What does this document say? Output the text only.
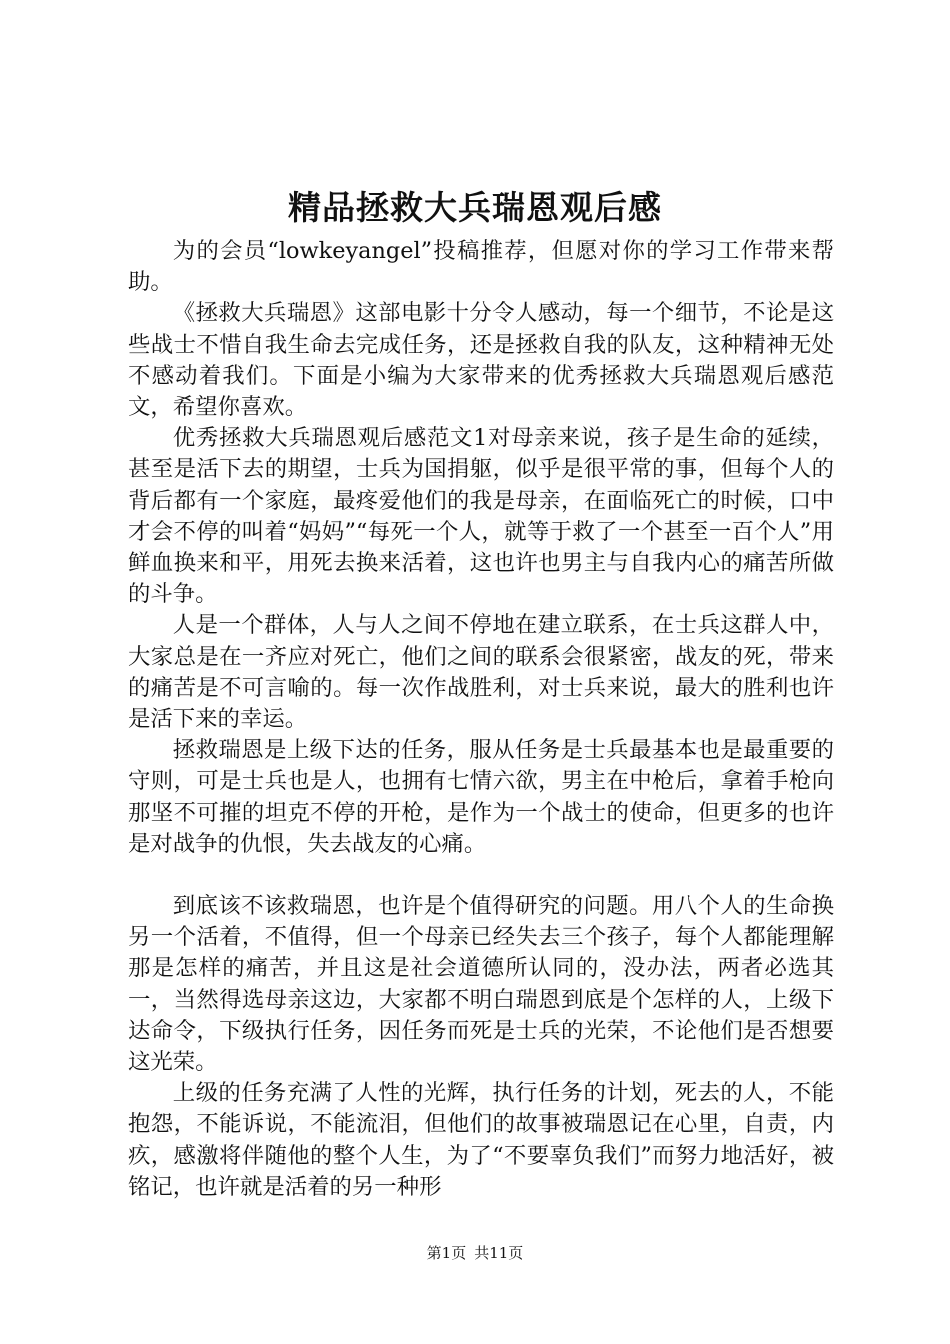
精品拯救大兵瑞恩观后感

为的会员“lowkeyangel”投稿推荐，但愿对你的学习工作带来帮助。

《拯救大兵瑞恩》这部电影十分令人感动，每一个细节，不论是这些战士不惜自我生命去完成任务，还是拯救自我的队友，这种精神无处不感动着我们。下面是小编为大家带来的优秀拯救大兵瑞恩观后感范文，希望你喜欢。

优秀拯救大兵瑞恩观后感范文1对母亲来说，孩子是生命的延续，甚至是活下去的期望，士兵为国捐躯，似乎是很平常的事，但每个人的背后都有一个家庭，最疼爱他们的我是母亲，在面临死亡的时候，口中才会不停的叫着“妈妈”“每死一个人，就等于救了一个甚至一百个人”用鲜血换来和平，用死去换来活着，这也许也男主与自我内心的痛苦所做的斗争。

人是一个群体，人与人之间不停地在建立联系，在士兵这群人中，大家总是在一齐应对死亡，他们之间的联系会很紧密，战友的死，带来的痛苦是不可言喻的。每一次作战胜利，对士兵来说，最大的胜利也许是活下来的幸运。

拯救瑞恩是上级下达的任务，服从任务是士兵最基本也是最重要的守则，可是士兵也是人，也拥有七情六欲，男主在中枪后，拿着手枪向那坚不可摧的坦克不停的开枪，是作为一个战士的使命，但更多的也许是对战争的仇恨，失去战友的心痛。

到底该不该救瑞恩，也许是个值得研究的问题。用八个人的生命换另一个活着，不值得，但一个母亲已经失去三个孩子，每个人都能理解那是怎样的痛苦，并且这是社会道德所认同的，没办法，两者必选其一，当然得选母亲这边，大家都不明白瑞恩到底是个怎样的人，上级下达命令，下级执行任务，因任务而死是士兵的光荣，不论他们是否想要这光荣。

上级的任务充满了人性的光辉，执行任务的计划，死去的人，不能抱怨，不能诉说，不能流泪，但他们的故事被瑞恩记在心里，自责，内疚，感激将伴随他的整个人生，为了“不要辜负我们”而努力地活好，被铭记，也许就是活着的另一种形

第1页 共11页
